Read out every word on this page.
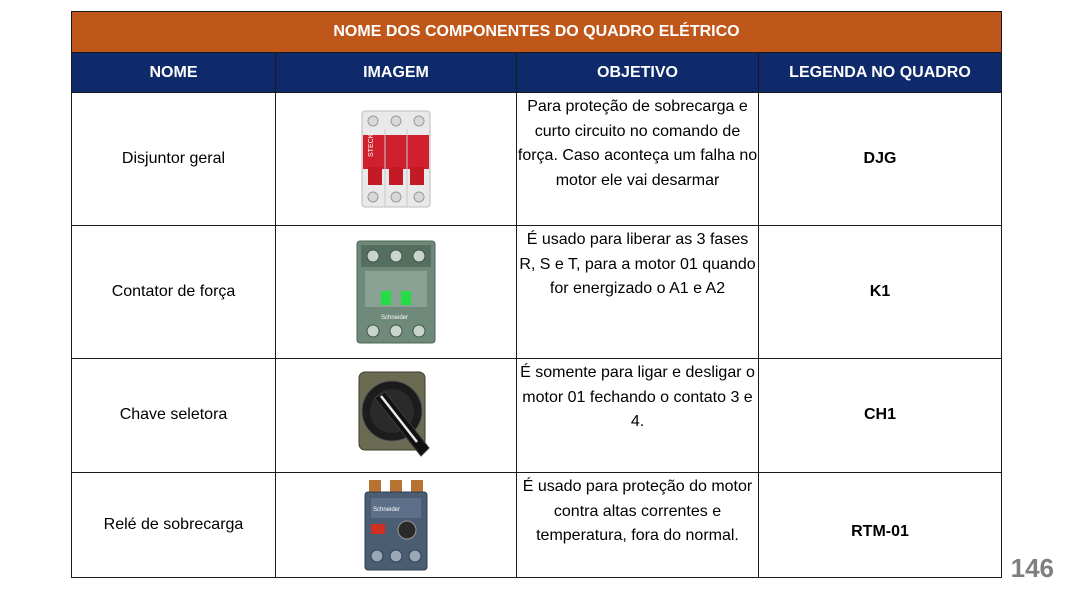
NOME DOS COMPONENTES DO QUADRO ELÉTRICO			
NOME	IMAGEM	OBJETIVO	LEGENDA NO QUADRO
Disjuntor geral	STECK	Para proteção de sobrecarga e curto circuito no comando de força. Caso aconteça um falha no motor ele vai desarmar	DJG
Contator de força	Schneider	É usado para liberar as 3 fases R, S e T, para a motor 01 quando for energizado o A1 e A2	K1
Chave seletora		É somente para ligar e desligar o motor 01 fechando o contato 3 e 4.	CH1
Relé de sobrecarga	Schneider	É usado para proteção do motor contra altas correntes e temperatura, fora do normal.	RTM-01
146
